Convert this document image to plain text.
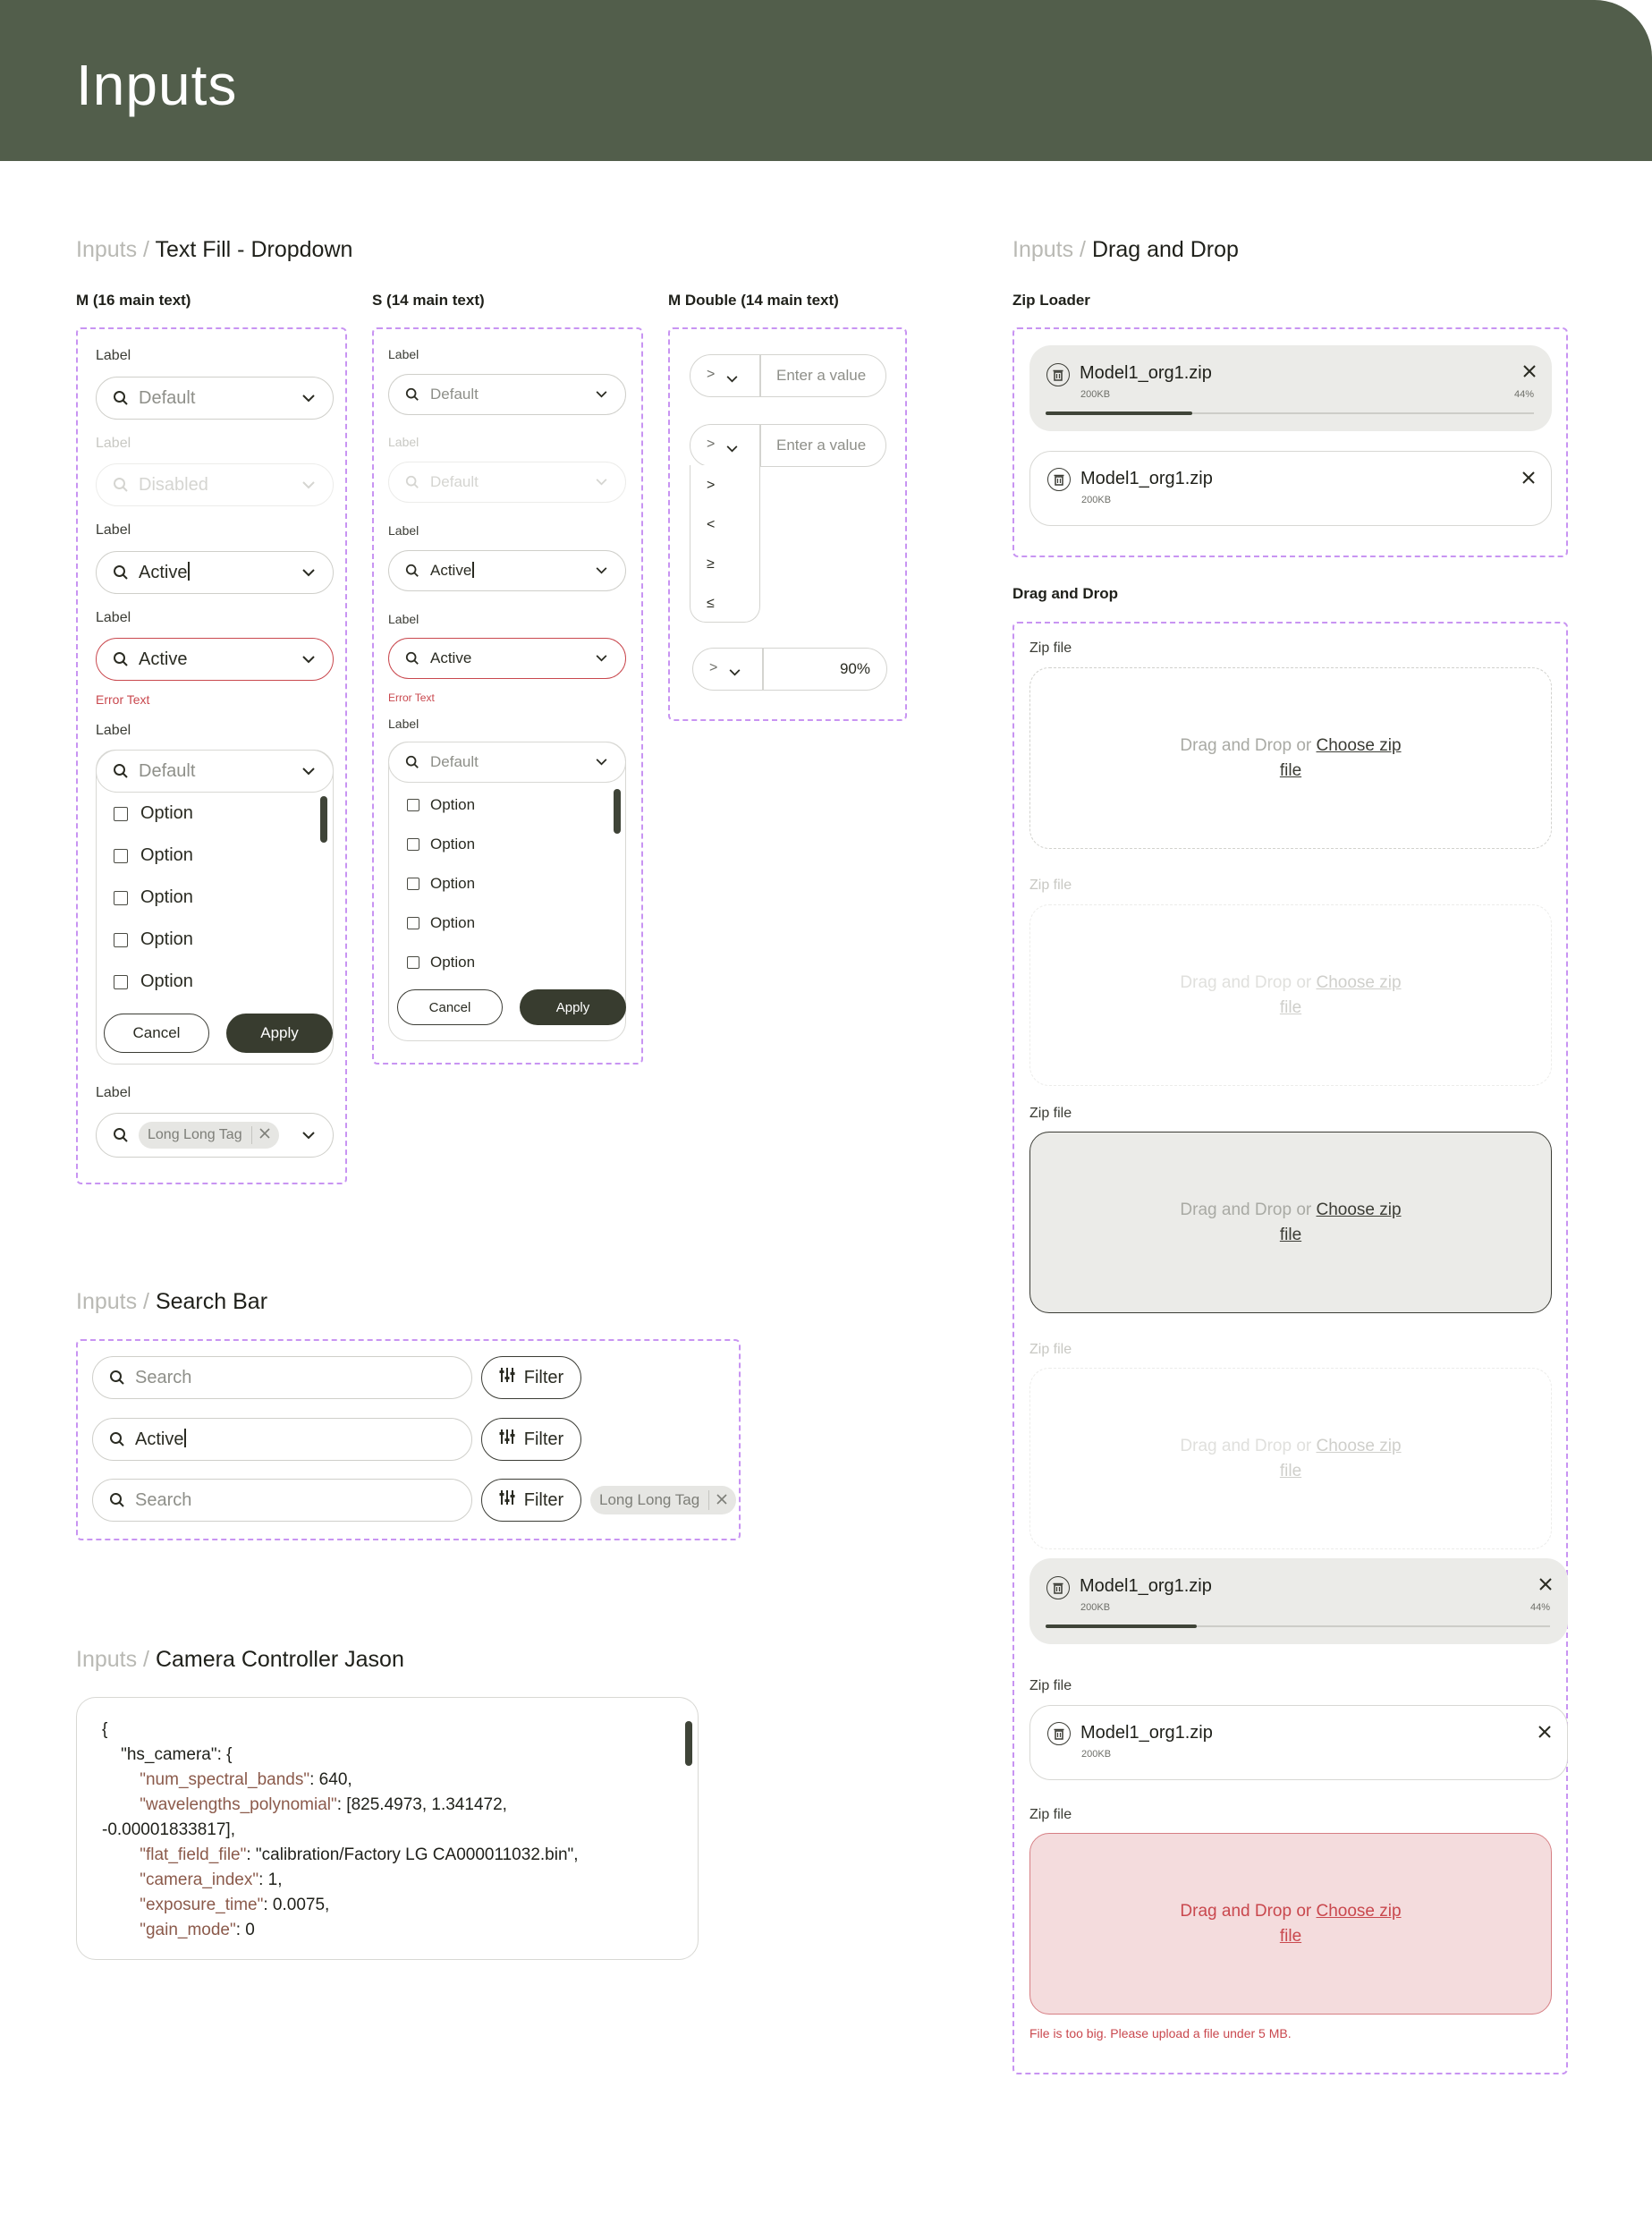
Inputs
Inputs / Text Fill - Dropdown
M (16 main text)	S (14 main text)	M Double (14 main text)
Label
Default
Label
Disabled
Label
Active
Label
Active
Error Text
Label
Default
Option
Option
Option
Option
Option
Cancel	Apply
Label
Long Long Tag
Label
Default
Label
Default
Label
Active
Label
Active
Error Text
Label
Default
Option
Option
Option
Option
Option
Cancel	Apply
>	Enter a value
>	Enter a value
>
<
≥
≤
>	90%
Inputs / Search Bar
Search	Filter
Active	Filter
Search	Filter Long Long Tag
Inputs / Camera Controller Jason
{
"hs_camera": {
"num_spectral_bands": 640,
"wavelengths_polynomial": [825.4973, 1.341472,
-0.00001833817],
"flat_field_file": "calibration/Factory LG CA000011032.bin",
"camera_index": 1,
"exposure_time": 0.0075,
"gain_mode": 0
Inputs / Drag and Drop
Zip Loader
Model1_org1.zip
200KB	44%
Model1_org1.zip
200KB
Drag and Drop
Zip file
Drag and Drop or Choose zip
file
Zip file
Drag and Drop or Choose zip
file
Zip file
Drag and Drop or Choose zip
file
Zip file
Drag and Drop or Choose zip
file
Model1_org1.zip
200KB	44%
Zip file
Model1_org1.zip
200KB
Zip file
Drag and Drop or Choose zip
file
File is too big. Please upload a file under 5 MB.
